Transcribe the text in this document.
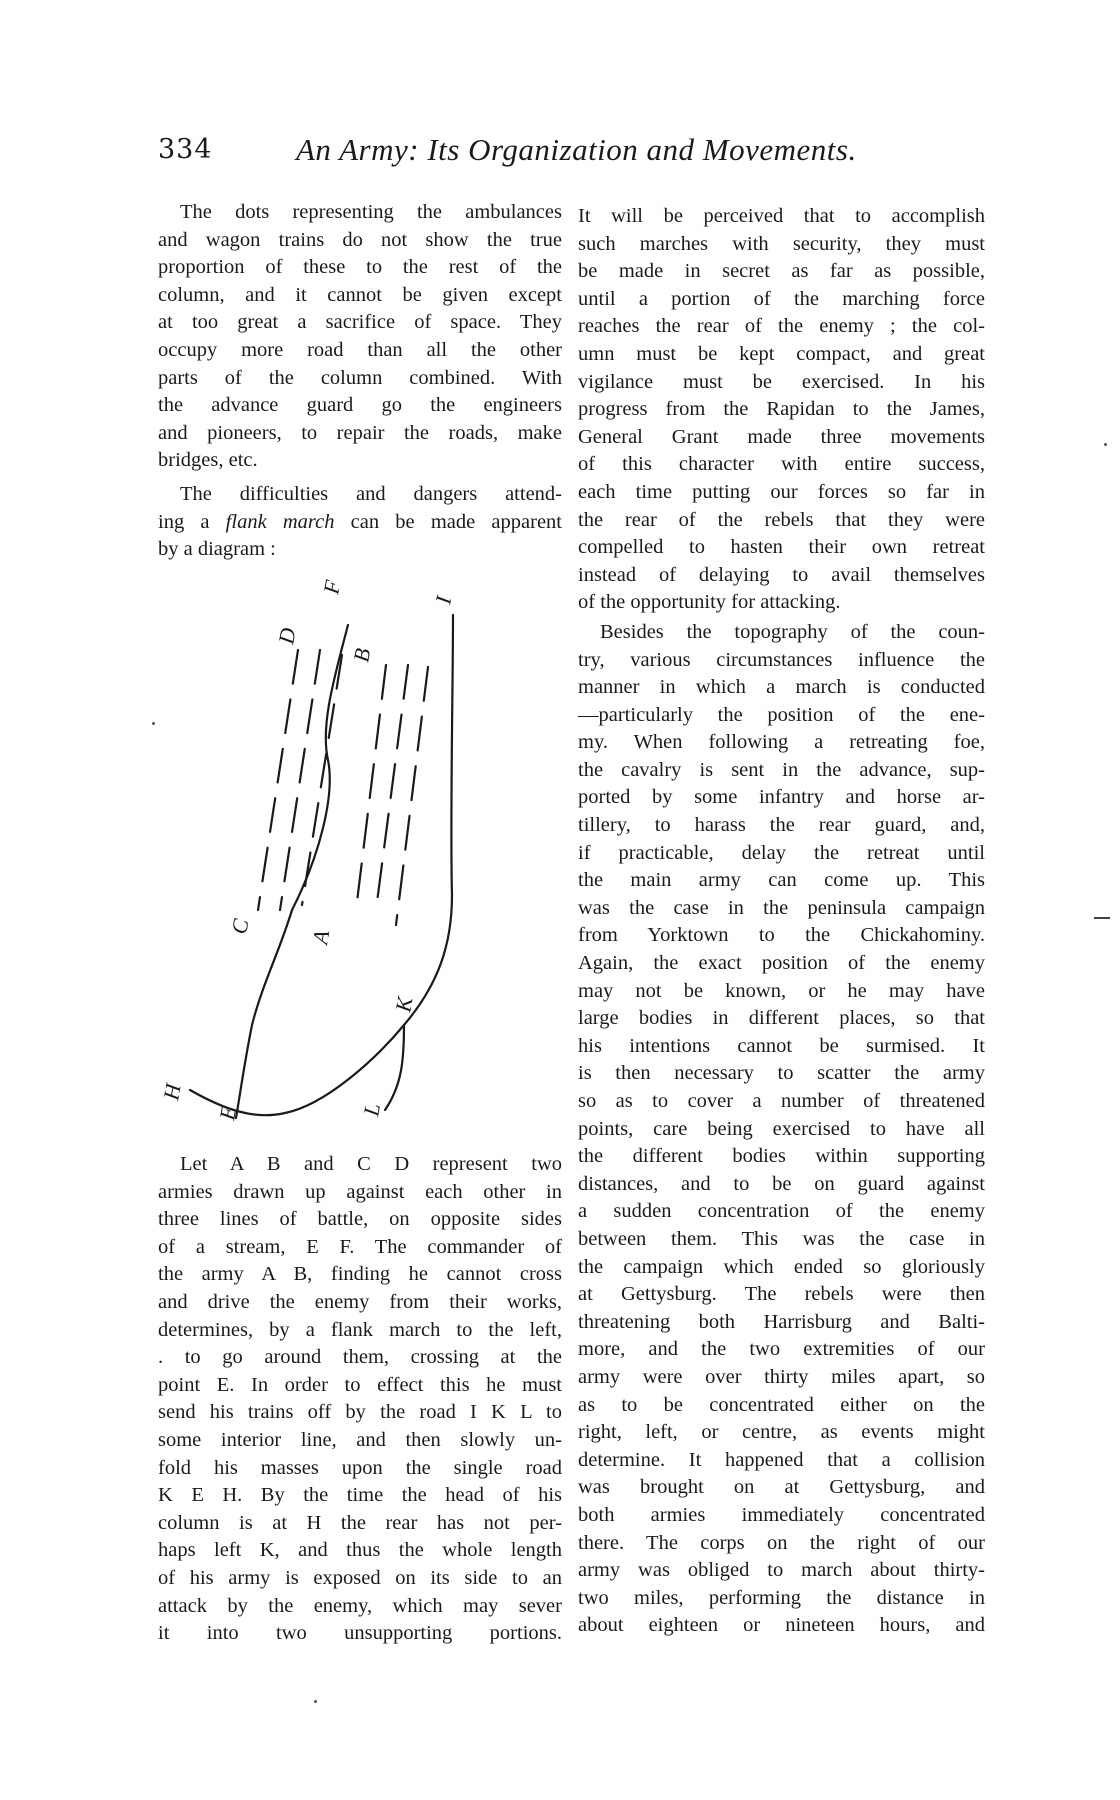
334	An Army: Its Organization and Movements.

The dots representing the ambulances
and wagon trains do not show the true
proportion of these to the rest of the
column, and it cannot be given except
at too great a sacrifice of space. They
occupy more road than all the other
parts of the column combined. With
the advance guard go the engineers
and pioneers, to repair the roads, make
bridges, etc.

The difficulties and dangers attend-
ing a flank march can be made apparent
by a diagram :

F
D
B
I
C
A
K
H
E	L

Let A B and C D represent two
armies drawn up against each other in
three lines of battle, on opposite sides
of a stream, E F. The commander of
the army A B, finding he cannot cross
and drive the enemy from their works,
determines, by a flank march to the left,
. to go around them, crossing at the
point E. In order to effect this he must
send his trains off by the road I K L to
some interior line, and then slowly un-
fold his masses upon the single road
K E H. By the time the head of his
column is at H the rear has not per-
haps left K, and thus the whole length
of his army is exposed on its side to an
attack by the enemy, which may sever
it into two unsupporting portions.

It will be perceived that to accomplish
such marches with security, they must
be made in secret as far as possible,
until a portion of the marching force
reaches the rear of the enemy ; the col-
umn must be kept compact, and great
vigilance must be exercised. In his
progress from the Rapidan to the James,
General Grant made three movements
of this character with entire success,
each time putting our forces so far in
the rear of the rebels that they were
compelled to hasten their own retreat
instead of delaying to avail themselves
of the opportunity for attacking.

Besides the topography of the coun-
try, various circumstances influence the
manner in which a march is conducted
—particularly the position of the ene-
my. When following a retreating foe,
the cavalry is sent in the advance, sup-
ported by some infantry and horse ar-
tillery, to harass the rear guard, and,
if practicable, delay the retreat until
the main army can come up. This
was the case in the peninsula campaign
from Yorktown to the Chickahominy.
Again, the exact position of the enemy
may not be known, or he may have
large bodies in different places, so that
his intentions cannot be surmised. It
is then necessary to scatter the army
so as to cover a number of threatened
points, care being exercised to have all
the different bodies within supporting
distances, and to be on guard against
a sudden concentration of the enemy
between them. This was the case in
the campaign which ended so gloriously
at Gettysburg. The rebels were then
threatening both Harrisburg and Balti-
more, and the two extremities of our
army were over thirty miles apart, so
as to be concentrated either on the
right, left, or centre, as events might
determine. It happened that a collision
was brought on at Gettysburg, and
both armies immediately concentrated
there. The corps on the right of our
army was obliged to march about thirty-
two miles, performing the distance in
about eighteen or nineteen hours, and
